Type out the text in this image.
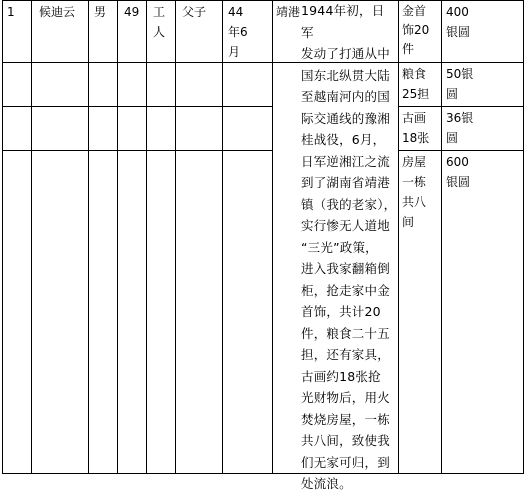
1 候迪云 男 49 工
人
父子 44
年6
月
靖港 1944年初，日军
发动了打通从中
国东北纵贯大陆
至越南河内的国
际交通线的豫湘
桂战役，6月，
日军逆湘江之流
到了湖南省靖港
镇（我的老家），
实行惨无人道地
“三光”政策，
进入我家翻箱倒
柜，抢走家中金
首饰，共计20
件，粮食二十五
担，还有家具，
古画约18张抢
光财物后，用火
焚烧房屋，一栋
共八间，致使我
们无家可归，到
处流浪。
金首
饰20
件
400
银圆
粮食
25担
50银
圆
古画
18张
36银
圆
房屋
一栋
共八
间
600
银圆
